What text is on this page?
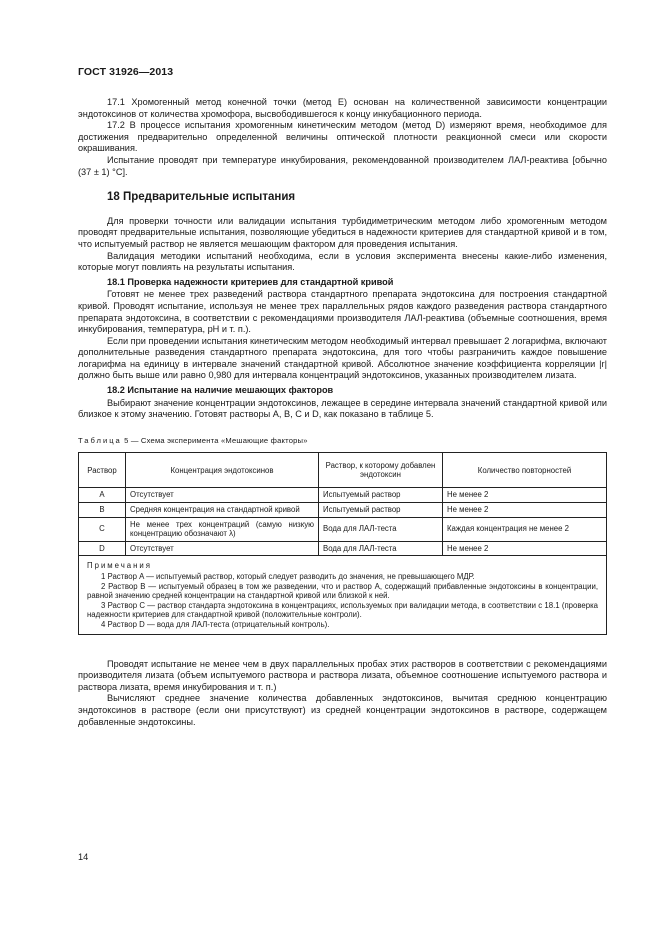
ГОСТ 31926—2013

17.1 Хромогенный метод конечной точки (метод E) основан на количественной зависимости концентрации эндотоксинов от количества хромофора, высвободившегося к концу инкубационного периода.

17.2 В процессе испытания хромогенным кинетическим методом (метод D) измеряют время, необходимое для достижения предварительно определенной величины оптической плотности реакционной смеси или скорости окрашивания.

Испытание проводят при температуре инкубирования, рекомендованной производителем ЛАЛ-реактива [обычно (37 ± 1) °С].

18 Предварительные испытания

Для проверки точности или валидации испытания турбидиметрическим методом либо хромогенным методом проводят предварительные испытания, позволяющие убедиться в надежности критериев для стандартной кривой и в том, что испытуемый раствор не является мешающим фактором для проведения испытания.

Валидация методики испытаний необходима, если в условия эксперимента внесены какие-либо изменения, которые могут повлиять на результаты испытания.

18.1 Проверка надежности критериев для стандартной кривой

Готовят не менее трех разведений раствора стандартного препарата эндотоксина для построения стандартной кривой. Проводят испытание, используя не менее трех параллельных рядов каждого разведения раствора стандартного препарата эндотоксина, в соответствии с рекомендациями производителя ЛАЛ-реактива (объемные соотношения, время инкубирования, температура, рН и т. п.).

Если при проведении испытания кинетическим методом необходимый интервал превышает 2 логарифма, включают дополнительные разведения стандартного препарата эндотоксина, для того чтобы разграничить каждое повышение логарифма на единицу в интервале значений стандартной кривой. Абсолютное значение коэффициента корреляции |r| должно быть выше или равно 0,980 для интервала концентраций эндотоксинов, указанных производителем лизата.

18.2 Испытание на наличие мешающих факторов

Выбирают значение концентрации эндотоксинов, лежащее в середине интервала значений стандартной кривой или близкое к этому значению. Готовят растворы A, B, C и D, как показано в таблице 5.

Таблица 5 — Схема эксперимента «Мешающие факторы»
Раствор	Концентрация эндотоксинов	Раствор, к которому добавлен эндотоксин	Количество повторностей
A	Отсутствует	Испытуемый раствор	Не менее 2
B	Средняя концентрация на стандартной кривой	Испытуемый раствор	Не менее 2
C	Не менее трех концентраций (самую низкую концентрацию обозначают λ)	Вода для ЛАЛ-теста	Каждая концентрация не менее 2
D	Отсутствует	Вода для ЛАЛ-теста	Не менее 2

Примечания
1 Раствор A — испытуемый раствор, который следует разводить до значения, не превышающего МДР.
2 Раствор B — испытуемый образец в том же разведении, что и раствор A, содержащий прибавленные эндотоксины в концентрации, равной значению средней концентрации на стандартной кривой или близкой к ней.
3 Раствор C — раствор стандарта эндотоксина в концентрациях, используемых при валидации метода, в соответствии с 18.1 (проверка надежности критериев для стандартной кривой (положительные контроли).
4 Раствор D — вода для ЛАЛ-теста (отрицательный контроль).			

Проводят испытание не менее чем в двух параллельных пробах этих растворов в соответствии с рекомендациями производителя лизата (объем испытуемого раствора и раствора лизата, объемное соотношение испытуемого раствора и раствора лизата, время инкубирования и т. п.)

Вычисляют среднее значение количества добавленных эндотоксинов, вычитая среднюю концентрацию эндотоксинов в растворе (если они присутствуют) из средней концентрации эндотоксинов в растворе, содержащем добавленные эндотоксины.

14
